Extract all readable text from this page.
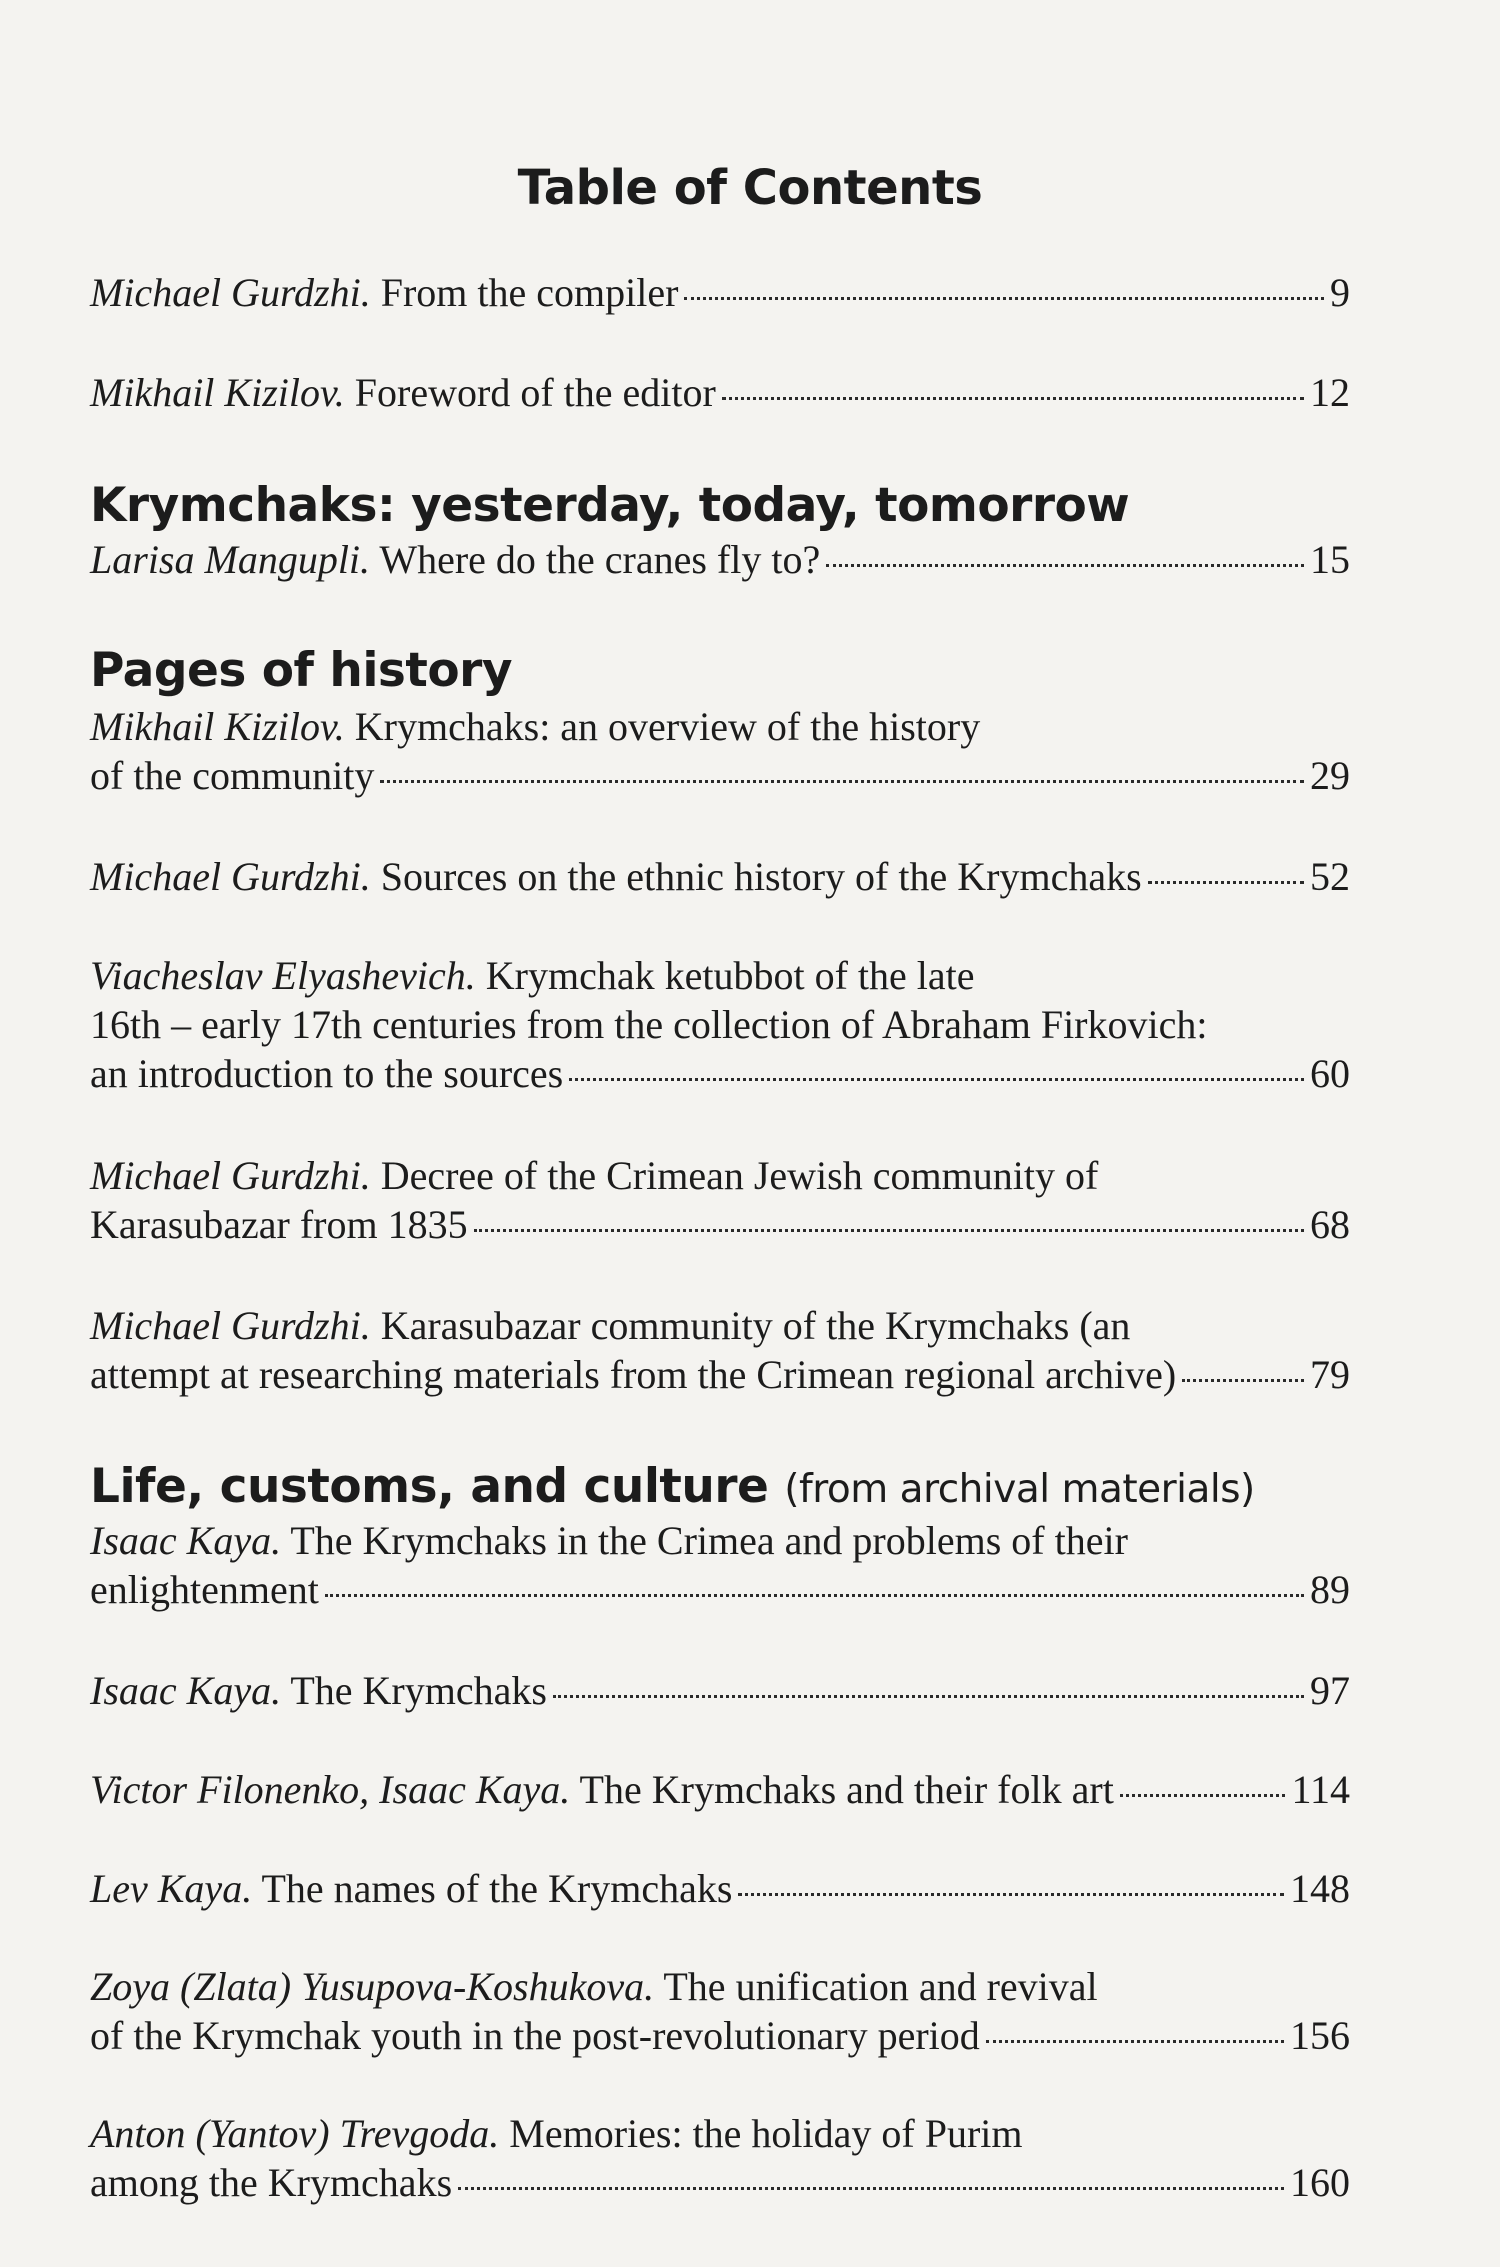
Table of Contents
Michael Gurdzhi. From the compiler	9
Mikhail Kizilov. Foreword of the editor	12
Krymchaks: yesterday, today, tomorrow
Larisa Mangupli. Where do the cranes fly to?	15
Pages of history
Mikhail Kizilov. Krymchaks: an overview of the history
of the community	29
Michael Gurdzhi. Sources on the ethnic history of the Krymchaks	52
Viacheslav Elyashevich. Krymchak ketubbot of the late
16th – early 17th centuries from the collection of Abraham Firkovich:
an introduction to the sources	60
Michael Gurdzhi. Decree of the Crimean Jewish community of
Karasubazar from 1835	68
Michael Gurdzhi. Karasubazar community of the Krymchaks (an
attempt at researching materials from the Crimean regional archive)	79
Life, customs, and culture (from archival materials)
Isaac Kaya. The Krymchaks in the Crimea and problems of their
enlightenment	89
Isaac Kaya. The Krymchaks	97
Victor Filonenko, Isaac Kaya. The Krymchaks and their folk art	114
Lev Kaya. The names of the Krymchaks	148
Zoya (Zlata) Yusupova-Koshukova. The unification and revival
of the Krymchak youth in the post-revolutionary period	156
Anton (Yantov) Trevgoda. Memories: the holiday of Purim
among the Krymchaks	160
